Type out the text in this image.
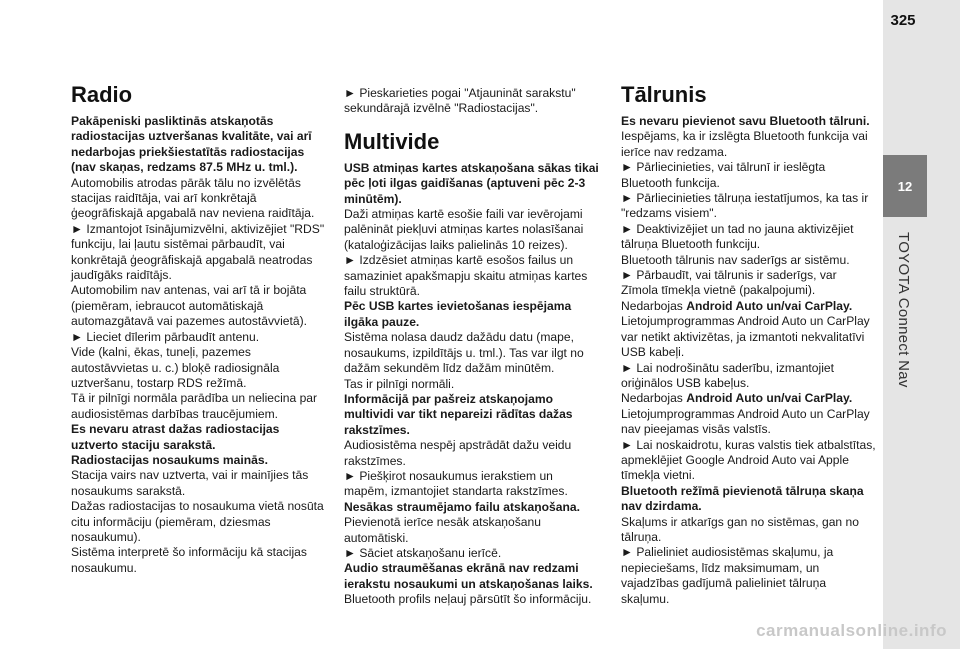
325
12
TOYOTA Connect Nav
Radio

Pakāpeniski pasliktinās atskaņotās radiostacijas uztveršanas kvalitāte, vai arī nedarbojas priekšiestatītās radiostacijas (nav skaņas, redzams 87.5 MHz u. tml.).

Automobilis atrodas pārāk tālu no izvēlētās stacijas raidītāja, vai arī konkrētajā ģeogrāfiskajā apgabalā nav neviena raidītāja.

► Izmantojot īsinājumizvēlni, aktivizējiet "RDS" funkciju, lai ļautu sistēmai pārbaudīt, vai konkrētajā ģeogrāfiskajā apgabalā neatrodas jaudīgāks raidītājs.

Automobilim nav antenas, vai arī tā ir bojāta (piemēram, iebraucot automātiskajā automazgātavā vai pazemes autostāvvietā).

► Lieciet dīlerim pārbaudīt antenu.

Vide (kalni, ēkas, tuneļi, pazemes autostāvvietas u. c.) bloķē radiosignāla uztveršanu, tostarp RDS režīmā.

Tā ir pilnīgi normāla parādība un neliecina par audiosistēmas darbības traucējumiem.

Es nevaru atrast dažas radiostacijas uztverto staciju sarakstā.

Radiostacijas nosaukums mainās.

Stacija vairs nav uztverta, vai ir mainījies tās nosaukums sarakstā.

Dažas radiostacijas to nosaukuma vietā nosūta citu informāciju (piemēram, dziesmas nosaukumu).

Sistēma interpretē šo informāciju kā stacijas nosaukumu.

► Pieskarieties pogai "Atjaunināt sarakstu" sekundārajā izvēlnē "Radiostacijas".

Multivide

USB atmiņas kartes atskaņošana sākas tikai pēc ļoti ilgas gaidīšanas (aptuveni pēc 2-3 minūtēm).

Daži atmiņas kartē esošie faili var ievērojami palēnināt piekļuvi atmiņas kartes nolasīšanai (kataloģizācijas laiks palielinās 10 reizes).

► Izdzēsiet atmiņas kartē esošos failus un samaziniet apakšmapju skaitu atmiņas kartes failu struktūrā.

Pēc USB kartes ievietošanas iespējama ilgāka pauze.

Sistēma nolasa daudz dažādu datu (mape, nosaukums, izpildītājs u. tml.). Tas var ilgt no dažām sekundēm līdz dažām minūtēm.

Tas ir pilnīgi normāli.

Informācijā par pašreiz atskaņojamo multividi var tikt nepareizi rādītas dažas rakstzīmes.

Audiosistēma nespēj apstrādāt dažu veidu rakstzīmes.

► Piešķirot nosaukumus ierakstiem un mapēm, izmantojiet standarta rakstzīmes.

Nesākas straumējamo failu atskaņošana.

Pievienotā ierīce nesāk atskaņošanu automātiski.

► Sāciet atskaņošanu ierīcē.

Audio straumēšanas ekrānā nav redzami ierakstu nosaukumi un atskaņošanas laiks.

Bluetooth profils neļauj pārsūtīt šo informāciju.

Tālrunis

Es nevaru pievienot savu Bluetooth tālruni.

Iespējams, ka ir izslēgta Bluetooth funkcija vai ierīce nav redzama.

► Pārliecinieties, vai tālrunī ir ieslēgta Bluetooth funkcija.

► Pārliecinieties tālruņa iestatījumos, ka tas ir "redzams visiem".

► Deaktivizējiet un tad no jauna aktivizējiet tālruņa Bluetooth funkciju.

Bluetooth tālrunis nav saderīgs ar sistēmu.

► Pārbaudīt, vai tālrunis ir saderīgs, var Zīmola tīmekļa vietnē (pakalpojumi).

Nedarbojas Android Auto un/vai CarPlay.

Lietojumprogrammas Android Auto un CarPlay var netikt aktivizētas, ja izmantoti nekvalitatīvi USB kabeļi.

► Lai nodrošinātu saderību, izmantojiet oriģinālos USB kabeļus.

Nedarbojas Android Auto un/vai CarPlay.

Lietojumprogrammas Android Auto un CarPlay nav pieejamas visās valstīs.

► Lai noskaidrotu, kuras valstis tiek atbalstītas, apmeklējiet Google Android Auto vai Apple tīmekļa vietni.

Bluetooth režīmā pievienotā tālruņa skaņa nav dzirdama.

Skaļums ir atkarīgs gan no sistēmas, gan no tālruņa.

► Palieliniet audiosistēmas skaļumu, ja nepieciešams, līdz maksimumam, un vajadzības gadījumā palieliniet tālruņa skaļumu.

carmanualsonline.info
